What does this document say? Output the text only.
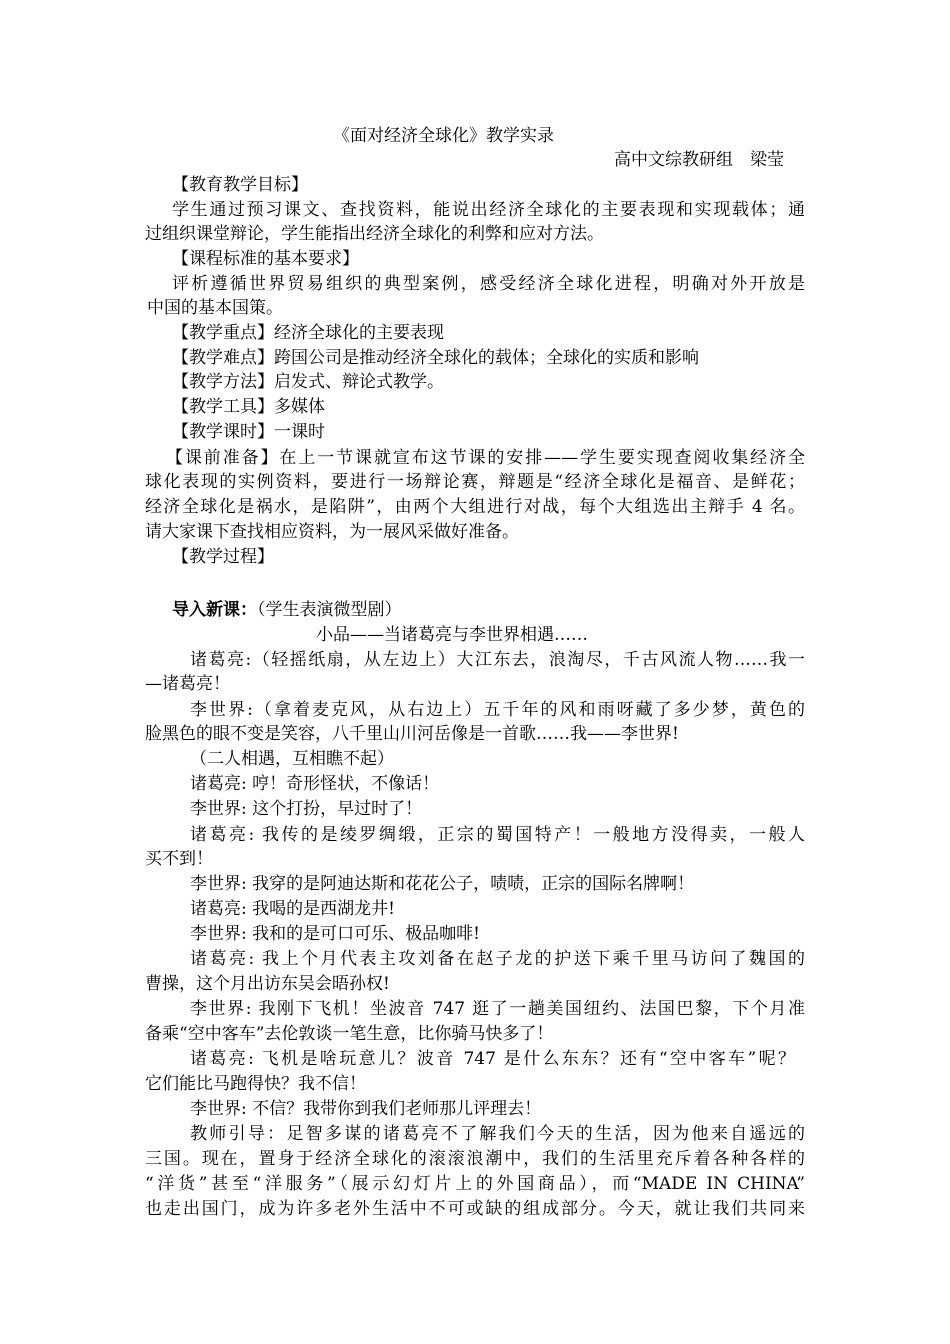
《面对经济全球化》教学实录
高中文综教研组　梁莹
【教育教学目标】
学生通过预习课文、查找资料，能说出经济全球化的主要表现和实现载体；通
过组织课堂辩论，学生能指出经济全球化的利弊和应对方法。
【课程标准的基本要求】
评析遵循世界贸易组织的典型案例，感受经济全球化进程，明确对外开放是
中国的基本国策。
【教学重点】经济全球化的主要表现
【教学难点】跨国公司是推动经济全球化的载体；全球化的实质和影响
【教学方法】启发式、辩论式教学。
【教学工具】多媒体
【教学课时】一课时
【课前准备】在上一节课就宣布这节课的安排——学生要实现查阅收集经济全
球化表现的实例资料，要进行一场辩论赛，辩题是“经济全球化是福音、是鲜花；
经济全球化是祸水，是陷阱”，由两个大组进行对战，每个大组选出主辩手 4 名。
请大家课下查找相应资料，为一展风采做好准备。
【教学过程】
导入新课：（学生表演微型剧）
小品——当诸葛亮与李世界相遇……
诸葛亮:（轻摇纸扇，从左边上）大江东去，浪淘尽，千古风流人物……我一
—诸葛亮！
李世界:（拿着麦克风，从右边上）五千年的风和雨呀藏了多少梦，黄色的
脸黑色的眼不变是笑容，八千里山川河岳像是一首歌……我——李世界!
（二人相遇，互相瞧不起）
诸葛亮: 哼！奇形怪状，不像话！
李世界: 这个打扮，早过时了！
诸葛亮: 我传的是绫罗绸缎，正宗的蜀国特产！一般地方没得卖，一般人
买不到！
李世界: 我穿的是阿迪达斯和花花公子，啧啧，正宗的国际名牌啊！
诸葛亮: 我喝的是西湖龙井!
李世界: 我和的是可口可乐、极品咖啡!
诸葛亮: 我上个月代表主攻刘备在赵子龙的护送下乘千里马访问了魏国的
曹操，这个月出访东吴会晤孙权!
李世界: 我刚下飞机！坐波音 747 逛了一趟美国纽约、法国巴黎，下个月准
备乘“空中客车”去伦敦谈一笔生意，比你骑马快多了！
诸葛亮: 飞机是啥玩意儿？波音 747 是什么东东？还有“空中客车”呢？
它们能比马跑得快？我不信！
李世界: 不信？我带你到我们老师那儿评理去！
教师引导：足智多谋的诸葛亮不了解我们今天的生活，因为他来自遥远的
三国。现在，置身于经济全球化的滚滚浪潮中，我们的生活里充斥着各种各样的
“洋货”甚至“洋服务”（展示幻灯片上的外国商品），而“MADE IN CHINA”
也走出国门，成为许多老外生活中不可或缺的组成部分。今天，就让我们共同来
